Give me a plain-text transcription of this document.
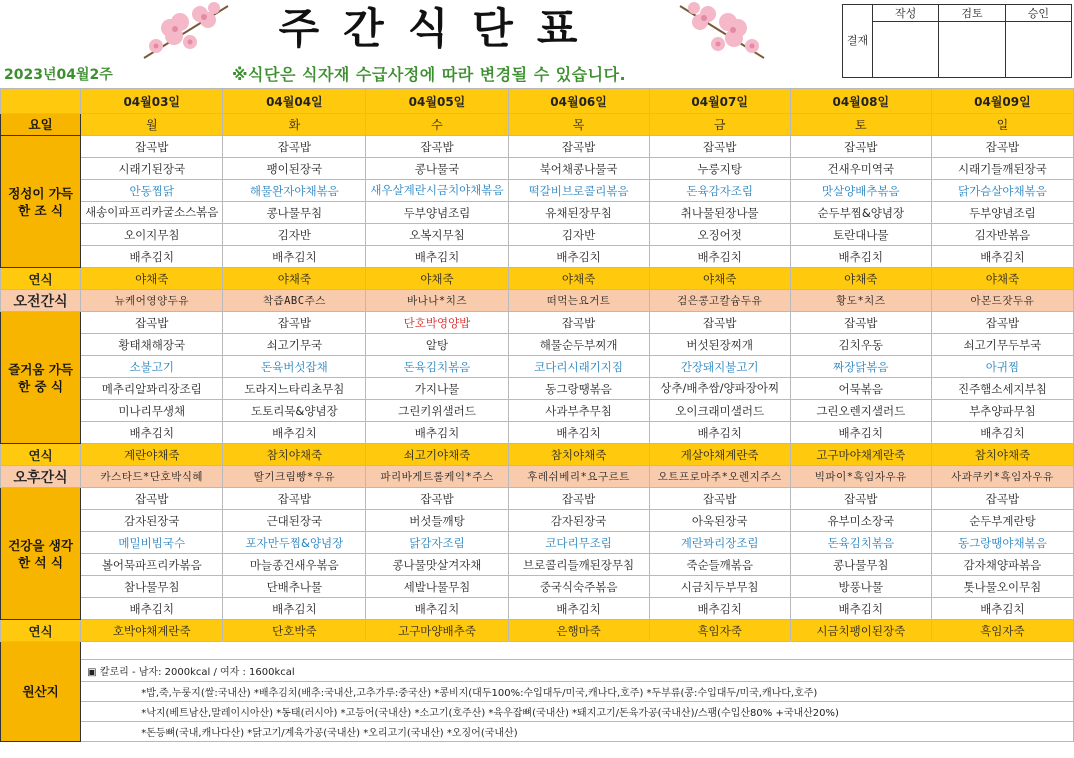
주간식단표
2023년04월2주	※식단은 식자재 수급사정에 따라 변경될 수 있습니다.
결재	작성	검토	승인

	04월03일	04월04일	04월05일	04월06일	04월07일	04월08일	04월09일
요일	월	화	수	목	금	토	일
정성이 가득한 조 식	잡곡밥	잡곡밥	잡곡밥	잡곡밥	잡곡밥	잡곡밥	잡곡밥
	시래기된장국	팽이된장국	콩나물국	북어채콩나물국	누룽지탕	건새우미역국	시래기들깨된장국
	안동찜닭	해물완자야채볶음	새우살계란시금치야채볶음	떡갈비브로콜리볶음	돈육감자조림	맛살양배추볶음	닭가슴살야채볶음
	새송이파프리카굴소스볶음	콩나물무침	두부양념조림	유채된장무침	취나물된장나물	순두부찜&양념장	두부양념조림
	오이지무침	김자반	오복지무침	김자반	오징어젓	토란대나물	김자반볶음
	배추김치	배추김치	배추김치	배추김치	배추김치	배추김치	배추김치
연식	야채죽	야채죽	야채죽	야채죽	야채죽	야채죽	야채죽
오전간식	뉴케어영양두유	착즙ABC주스	바나나*치즈	떠먹는요거트	검은콩고칼슘두유	황도*치즈	아몬드잣두유
즐거움 가득한 중 식	잡곡밥	잡곡밥	단호박영양밥	잡곡밥	잡곡밥	잡곡밥	잡곡밥
	황태채해장국	쇠고기무국	알탕	해물순두부찌개	버섯된장찌개	김치우동	쇠고기무두부국
	소불고기	돈육버섯잡채	돈육김치볶음	코다리시래기지짐	간장돼지불고기	짜장닭볶음	아귀찜
	메추리알꽈리장조림	도라지느타리초무침	가지나물	동그랑땡볶음	상추/배추쌈/양파장아찌	어묵볶음	진주햄소세지부침
	미나리무생채	도토리묵&양념장	그린키위샐러드	사과부추무침	오이크래미샐러드	그린오렌지샐러드	부추양파무침
	배추김치	배추김치	배추김치	배추김치	배추김치	배추김치	배추김치
연식	계란야채죽	참치야채죽	쇠고기야채죽	참치야채죽	게살야채계란죽	고구마야채계란죽	참치야채죽
오후간식	카스타드*단호박식혜	딸기크림빵*우유	파리바게트롤케익*주스	후레쉬베리*요구르트	오트프로마주*오렌지주스	빅파이*흑임자우유	사과쿠키*흑임자우유
건강을 생각한 석 식	잡곡밥	잡곡밥	잡곡밥	잡곡밥	잡곡밥	잡곡밥	잡곡밥
	감자된장국	근대된장국	버섯들깨탕	감자된장국	아욱된장국	유부미소장국	순두부계란탕
	메밀비빔국수	포자만두찜&양념장	닭감자조림	코다리무조림	계란꽈리장조림	돈육김치볶음	동그랑땡야채볶음
	볼어묵파프리카볶음	마늘종건새우볶음	콩나물맛살겨자채	브로콜리들깨된장무침	죽순들깨볶음	콩나물무침	감자채양파볶음
	참나물무침	단배추나물	세발나물무침	중국식숙주볶음	시금치두부무침	방풍나물	톳나물오이무침
	배추김치	배추김치	배추김치	배추김치	배추김치	배추김치	배추김치
연식	호박야채계란죽	단호박죽	고구마양배추죽	은행마죽	흑임자죽	시금치팽이된장죽	흑임자죽
원산지							
	▣ 칼로리 - 남자: 2000kcal / 여자 : 1600kcal						
	*밥,죽,누룽지(쌀:국내산) *배추김치(배추:국내산,고추가루:중국산) *콩비지(대두100%:수입대두/미국,캐나다,호주) *두부류(콩:수입대두/미국,캐나다,호주)						
	*낙지(베트남산,말레이시아산) *동태(러시아) *고등어(국내산) *소고기(호주산) *육우잡뼈(국내산) *돼지고기/돈육가공(국내산)/스팸(수입산80% +국내산20%)						
	*돈등뼈(국내,캐나다산) *닭고기/계육가공(국내산) *오리고기(국내산) *오징어(국내산)						
